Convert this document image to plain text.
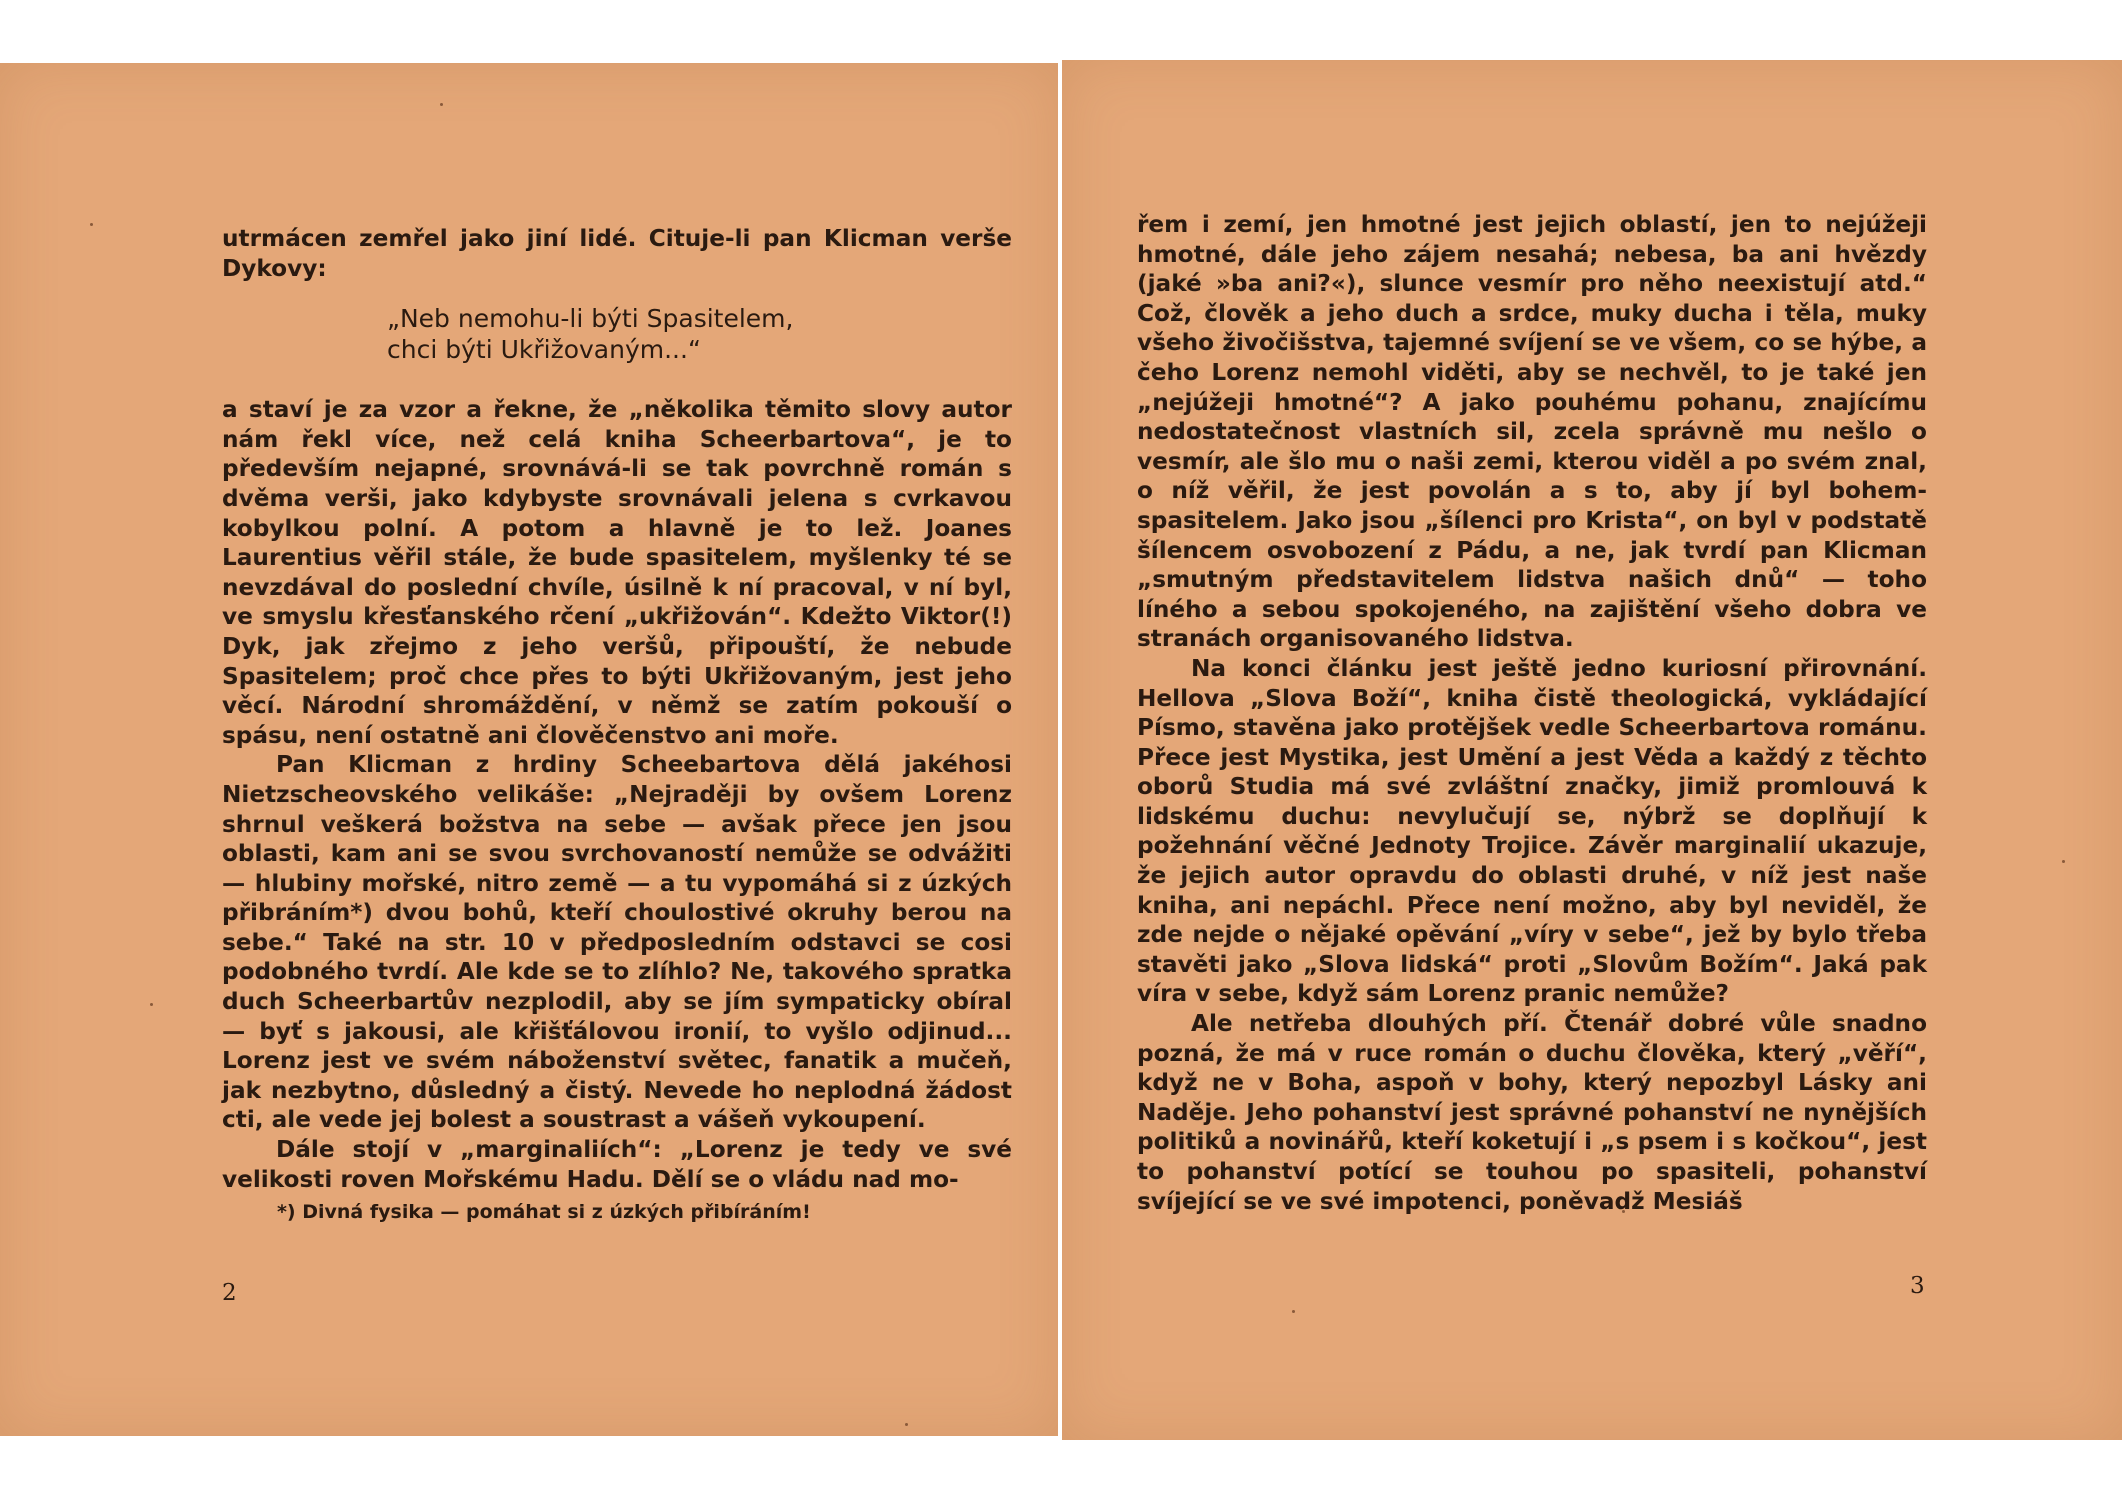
utrmácen zemřel jako jiní lidé. Cituje-li pan Klicman verše Dykovy:

„Neb nemohu-li býti Spasitelem,

chci býti Ukřižovaným...“

a staví je za vzor a řekne, že „několika těmito slovy autor nám řekl více, než celá kniha Scheerbartova“, je to především nejapné, srovnává-li se tak povrchně román s dvěma verši, jako kdybyste srovnávali jelena s cvrkavou kobylkou polní. A potom a hlavně je to lež. Joanes Laurentius věřil stále, že bude spasitelem, myšlenky té se nevzdával do poslední chvíle, úsilně k ní pracoval, v ní byl, ve smyslu křesťanského rčení „ukřižován“. Kdežto Viktor(!) Dyk, jak zřejmo z jeho veršů, připouští, že nebude Spasitelem; proč chce přes to býti Ukřižovaným, jest jeho věcí. Národní shromáždění, v němž se zatím pokouší o spásu, není ostatně ani člověčenstvo ani moře.

Pan Klicman z hrdiny Scheebartova dělá jakéhosi Nietzscheovského velikáše: „Nejraději by ovšem Lorenz shrnul veškerá božstva na sebe — avšak přece jen jsou oblasti, kam ani se svou svrchovaností nemůže se odvážiti — hlubiny mořské, nitro země — a tu vypomáhá si z úzkých přibráním*) dvou bohů, kteří choulostivé okruhy berou na sebe.“ Také na str. 10 v předposledním odstavci se cosi podobného tvrdí. Ale kde se to zlíhlo? Ne, takového spratka duch Scheerbartův nezplodil, aby se jím sympaticky obíral — byť s jakousi, ale křišťálovou ironií, to vyšlo odjinud... Lorenz jest ve svém náboženství světec, fanatik a mučeň, jak nezbytno, důsledný a čistý. Nevede ho neplodná žádost cti, ale vede jej bolest a soustrast a vášeň vykoupení.

Dále stojí v „marginaliích“: „Lorenz je tedy ve své velikosti roven Mořskému Hadu. Dělí se o vládu nad mo-

*) Divná fysika — pomáhat si z úzkých přibíráním!

2

řem i zemí, jen hmotné jest jejich oblastí, jen to nejúžeji hmotné, dále jeho zájem nesahá; nebesa, ba ani hvězdy (jaké »ba ani?«), slunce vesmír pro něho neexistují atd.“ Což, člověk a jeho duch a srdce, muky ducha i těla, muky všeho živočišstva, tajemné svíjení se ve všem, co se hýbe, a čeho Lorenz nemohl viděti, aby se nechvěl, to je také jen „nejúžeji hmotné“? A jako pouhému pohanu, znajícímu nedostatečnost vlastních sil, zcela správně mu nešlo o vesmír, ale šlo mu o naši zemi, kterou viděl a po svém znal, o níž věřil, že jest povolán a s to, aby jí byl bohem-spasitelem. Jako jsou „šílenci pro Krista“, on byl v podstatě šílencem osvobození z Pádu, a ne, jak tvrdí pan Klicman „smutným představitelem lidstva našich dnů“ — toho líného a sebou spokojeného, na zajištění všeho dobra ve stranách organisovaného lidstva.

Na konci článku jest ještě jedno kuriosní přirovnání. Hellova „Slova Boží“, kniha čistě theologická, vykládající Písmo, stavěna jako protějšek vedle Scheerbartova románu. Přece jest Mystika, jest Umění a jest Věda a každý z těchto oborů Studia má své zvláštní značky, jimiž promlouvá k lidskému duchu: nevylučují se, nýbrž se doplňují k požehnání věčné Jednoty Trojice. Závěr marginalií ukazuje, že jejich autor opravdu do oblasti druhé, v níž jest naše kniha, ani nepáchl. Přece není možno, aby byl neviděl, že zde nejde o nějaké opěvání „víry v sebe“, jež by bylo třeba stavěti jako „Slova lidská“ proti „Slovům Božím“. Jaká pak víra v sebe, když sám Lorenz pranic nemůže?

Ale netřeba dlouhých pří. Čtenář dobré vůle snadno pozná, že má v ruce román o duchu člověka, který „věří“, když ne v Boha, aspoň v bohy, který nepozbyl Lásky ani Naděje. Jeho pohanství jest správné pohanství ne nynějších politiků a novinářů, kteří koketují i „s psem i s kočkou“, jest to pohanství potící se touhou po spasiteli, pohanství svíjející se ve své impotenci, poněvadž Mesiáš

3
